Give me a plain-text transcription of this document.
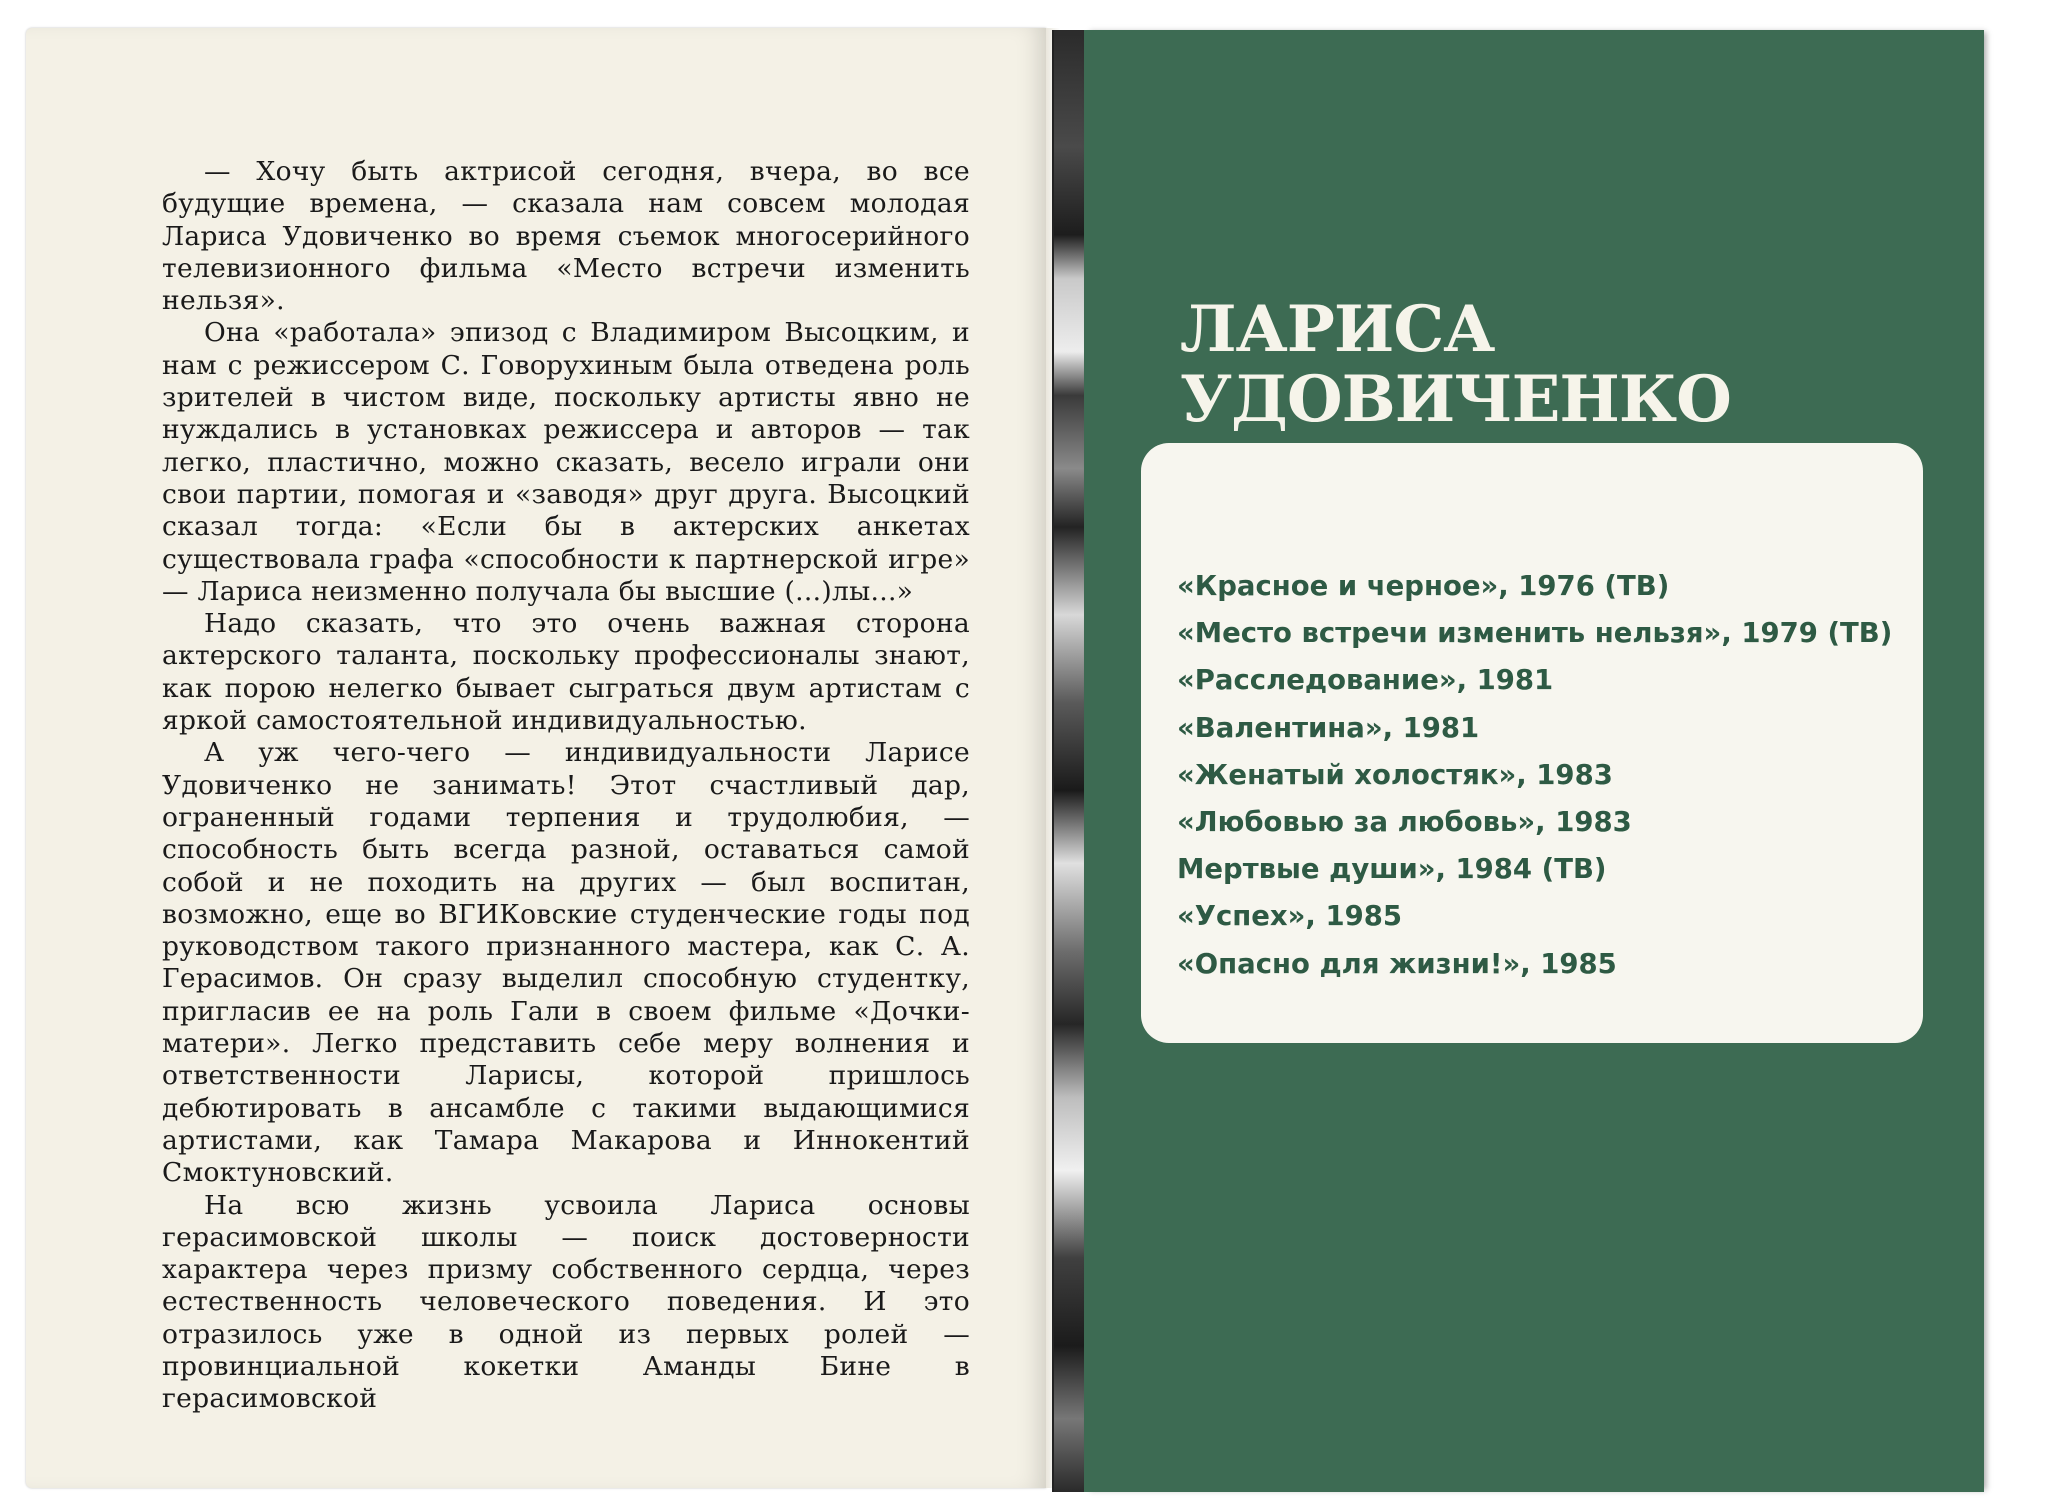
— Хочу быть актрисой сегодня, вчера, во все будущие времена, — сказала нам совсем молодая Лариса Удовиченко во время съемок многосерийного телевизионного фильма «Место встречи изменить нельзя».

Она «работала» эпизод с Владимиром Высоцким, и нам с режиссером С. Говорухиным была отведена роль зрителей в чистом виде, поскольку артисты явно не нуждались в установках режиссера и авторов — так легко, пластично, можно сказать, весело играли они свои партии, помогая и «заводя» друг друга. Высоцкий сказал тогда: «Если бы в актерских анкетах существовала графа «способности к партнерской игре» — Лариса неизменно получала бы высшие (...)лы...»

Надо сказать, что это очень важная сторона актерского таланта, поскольку профессионалы знают, как порою нелегко бывает сыграться двум артистам с яркой самостоятельной индивидуальностью.

А уж чего-чего — индивидуальности Ларисе Удовиченко не занимать! Этот счастливый дар, ограненный годами терпения и трудолюбия, — способность быть всегда разной, оставаться самой собой и не походить на других — был воспитан, возможно, еще во ВГИКовские студенческие годы под руководством такого признанного мастера, как С. А. Герасимов. Он сразу выделил способную студентку, пригласив ее на роль Гали в своем фильме «Дочки-матери». Легко представить себе меру волнения и ответственности Ларисы, которой пришлось дебютировать в ансамбле с такими выдающимися артистами, как Тамара Макарова и Иннокентий Смоктуновский.

На всю жизнь усвоила Лариса основы герасимовской школы — поиск достоверности характера через призму собственного сердца, через естественность человеческого поведения. И это отразилось уже в одной из первых ролей — провинциальной кокетки Аманды Бине в герасимовской

ЛАРИСА
УДОВИЧЕНКО
«Красное и черное», 1976 (ТВ)
«Место встречи изменить нельзя», 1979 (ТВ)
«Расследование», 1981
«Валентина», 1981
«Женатый холостяк», 1983
«Любовью за любовь», 1983
Мертвые души», 1984 (ТВ)
«Успех», 1985
«Опасно для жизни!», 1985
